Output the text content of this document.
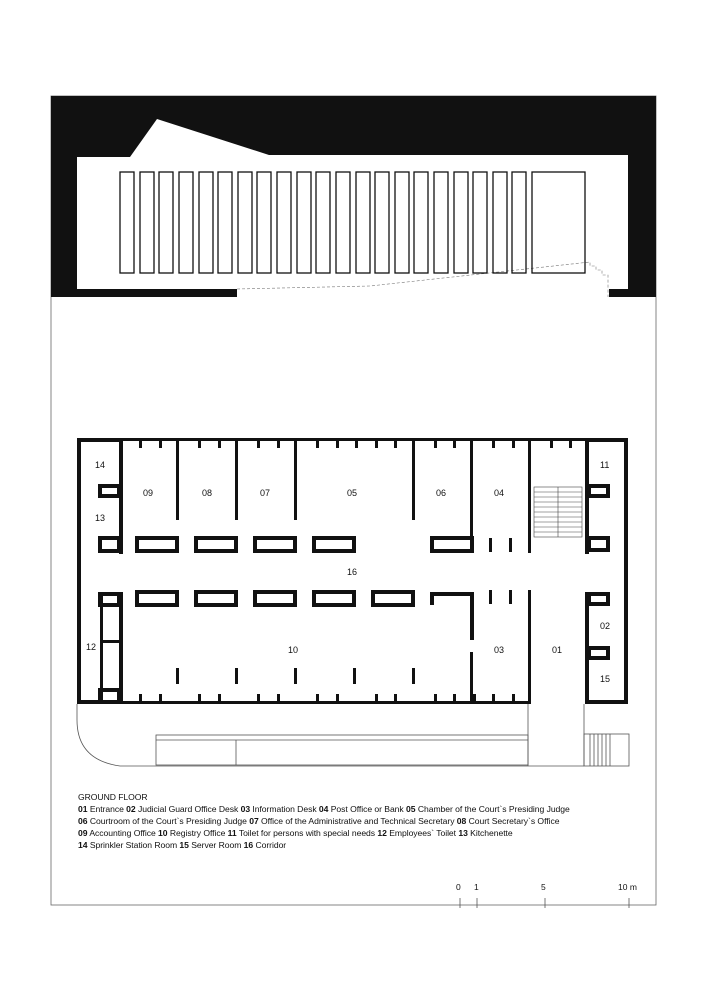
14
13
12
09	08	07	05	06	04
11
16
10	03	01
02
15
0 1	5	10 m
GROUND FLOOR
01 Entrance 02 Judicial Guard Office Desk 03 Information Desk 04 Post Office or Bank 05 Chamber of the Court`s Presiding Judge
06 Courtroom of the Court`s Presiding Judge 07 Office of the Administrative and Technical Secretary 08 Court Secretary`s Office
09 Accounting Office 10 Registry Office 11 Toilet for persons with special needs 12 Employees` Toilet 13 Kitchenette
14 Sprinkler Station Room 15 Server Room 16 Corridor
